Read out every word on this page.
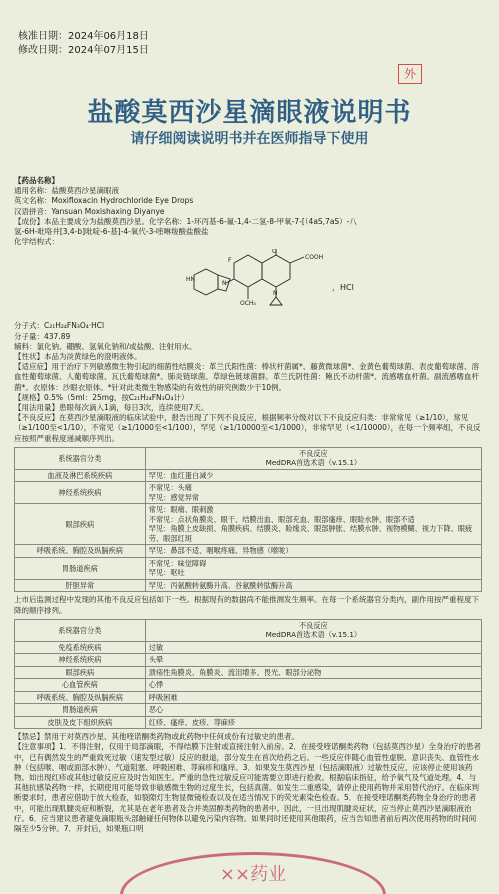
核准日期：2024年06月18日
修改日期：2024年07月15日
外
盐酸莫西沙星滴眼液说明书
请仔细阅读说明书并在医师指导下使用
【药品名称】
通用名称：盐酸莫西沙星滴眼液
英文名称：Moxifloxacin Hydrochloride Eye Drops
汉语拼音：Yansuan Moxishaxing Diyanye
【成份】本品主要成分为盐酸莫西沙星。化学名称：1-环丙基-6-氟-1,4-二氢-8-甲氧-7-[（4aS,7aS）-八
氢-6H-吡咯并[3,4-b]吡啶-6-基]-4-氧代-3-喹啉羧酸盐酸盐
化学结构式：
F
O
COOH
OCH₃
N
N
HN
，HCl
分子式：C₂₁H₂₄FN₃O₄·HCl
分子量：437.89
辅料：氯化钠、硼酸、氢氧化钠和/或盐酸、注射用水。
【性状】本品为淡黄绿色的澄明液体。
【适应症】用于治疗下列敏感微生物引起的细菌性结膜炎：革兰氏阳性菌：棒状杆菌属*、藤黄微球菌*、金黄色葡萄球菌、表皮葡萄球菌、溶血性葡萄球菌、人葡萄球菌、瓦氏葡萄球菌*、肺炎链球菌、草绿色链球菌群。革兰氏阴性菌：鲍氏不动杆菌*、流感嗜血杆菌、副流感嗜血杆菌*。衣原体：沙眼衣原体。*针对此类微生物感染的有效性的研究例数少于10例。
【规格】0.5%（5ml：25mg，按C₂₁H₂₄FN₃O₄计）
【用法用量】患眼每次滴入1滴，每日3次，连续使用7天。
【不良反应】在莫西沙星滴眼液的临床试验中，报告出现了下列不良反应，根据频率分级对以下不良反应归类：非常常见（≥1/10），常见（≥1/100至<1/10），不常见（≥1/1000至<1/100），罕见（≥1/10000至<1/1000），非常罕见（<1/10000），在每一个频率组，不良反应按照严重程度递减顺序列出。
系统器官分类	不良反应
MedDRA首选术语（v.15.1）

血液及淋巴系统疾病	罕见：血红蛋白减少
神经系统疾病	不常见：头痛
罕见：感觉异常
眼部疾病	常见：眼痛、眼刺激
不常见：点状角膜炎、眼干、结膜出血、眼部充血、眼部瘙痒、眼睑水肿、眼部不适
罕见：角膜上皮缺损、角膜疾病、结膜炎、睑缘炎、眼部肿胀、结膜水肿、视物模糊、视力下降、眼疲劳、眼部红斑
呼吸系统、胸腔及纵膈疾病	罕见：鼻部不适、咽喉疼痛、异物感（喉咙）
胃肠道疾病	不常见：味觉障碍
罕见：呕吐
肝胆异常	罕见：丙氨酸转氨酶升高、谷氨酰转肽酶升高
上市后监测过程中发现的其他不良反应包括如下一些。根据现有的数据尚不能推测发生频率。在每一个系统器官分类内，副作用按严重程度下降的顺序排列。
系统器官分类	不良反应
MedDRA首选术语（v.15.1）

免疫系统疾病	过敏
神经系统疾病	头晕
眼部疾病	溃疡性角膜炎、角膜炎、流泪增多、畏光、眼部分泌物
心血管疾病	心悸
呼吸系统、胸腔及纵膈疾病	呼吸困难
胃肠道疾病	恶心
皮肤及皮下组织疾病	红疹、瘙痒、皮疹、荨麻疹
【禁忌】禁用于对莫西沙星、其他喹诺酮类药物或此药物中任何成份有过敏史的患者。
【注意事项】1．不得注射，仅用于局部滴眼，不得结膜下注射或直接注射入前房。2．在接受喹诺酮类药物（包括莫西沙星）全身治疗的患者中，已有偶然发生的严重致死过敏（速发型过敏）反应的报道，部分发生在首次给药之后。一些反应伴随心血管性虚脱、意识丧失、血管性水肿（包括喉、咽或面部水肿）、气道阻塞、呼吸困难、荨麻疹和瘙痒。3．如果发生莫西沙星（包括滴眼液）过敏性反应，应该停止使用该药物。如出现红疹或其他过敏反应应及时告知医生。严重的急性过敏反应可能需要立即进行抢救。根据临床指征，给予氧气及气道处理。4．与其他抗感染药物一样，长期使用可能导致非敏感微生物的过度生长，包括真菌。如发生二重感染，请停止使用药物并采用替代治疗。在临床判断要求时，患者应借助于放大检查，如裂隙灯生物显微镜检查以及在适当情况下的荧光素染色检查。5．在接受喹诺酮类药物全身治疗的患者中，可能出现肌腱炎症和断裂，尤其是在老年患者及合并类固醇类药物的患者中。因此，一旦出现肌腱炎症状，应当停止莫西沙星滴眼液治疗。6．应当建议患者避免滴眼瓶头部触碰任何物体以避免污染内容物。如果同时还使用其他眼药，应当告知患者前后两次使用药物的时间间隔至少5分钟。7．开封后，如果瓶口明
××药业
